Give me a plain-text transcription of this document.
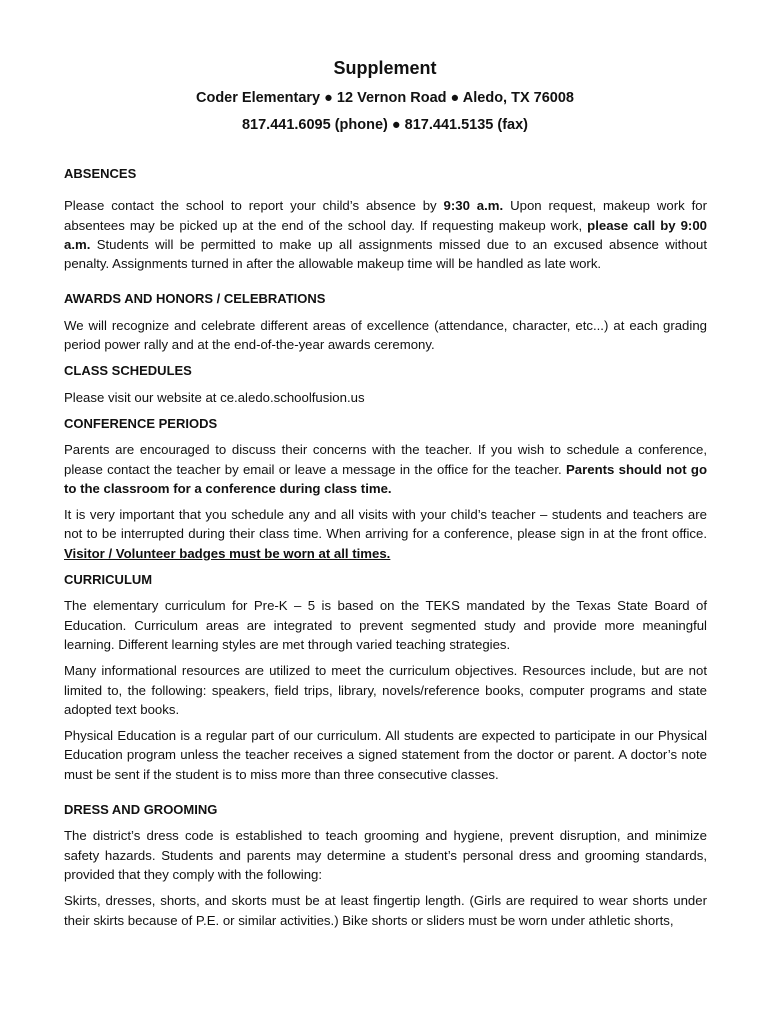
Supplement
Coder Elementary ● 12 Vernon Road ● Aledo, TX 76008
817.441.6095 (phone) ● 817.441.5135 (fax)
ABSENCES

Please contact the school to report your child’s absence by 9:30 a.m. Upon request, makeup work for absentees may be picked up at the end of the school day. If requesting makeup work, please call by 9:00 a.m. Students will be permitted to make up all assignments missed due to an excused absence without penalty. Assignments turned in after the allowable makeup time will be handled as late work.

AWARDS AND HONORS / CELEBRATIONS

We will recognize and celebrate different areas of excellence (attendance, character, etc...) at each grading period power rally and at the end-of-the-year awards ceremony.

CLASS SCHEDULES

Please visit our website at ce.aledo.schoolfusion.us

CONFERENCE PERIODS

Parents are encouraged to discuss their concerns with the teacher. If you wish to schedule a conference, please contact the teacher by email or leave a message in the office for the teacher. Parents should not go to the classroom for a conference during class time.

It is very important that you schedule any and all visits with your child’s teacher – students and teachers are not to be interrupted during their class time. When arriving for a conference, please sign in at the front office. Visitor / Volunteer badges must be worn at all times.

CURRICULUM

The elementary curriculum for Pre-K – 5 is based on the TEKS mandated by the Texas State Board of Education. Curriculum areas are integrated to prevent segmented study and provide more meaningful learning. Different learning styles are met through varied teaching strategies.

Many informational resources are utilized to meet the curriculum objectives. Resources include, but are not limited to, the following: speakers, field trips, library, novels/reference books, computer programs and state adopted text books.

Physical Education is a regular part of our curriculum. All students are expected to participate in our Physical Education program unless the teacher receives a signed statement from the doctor or parent. A doctor’s note must be sent if the student is to miss more than three consecutive classes.

DRESS AND GROOMING

The district’s dress code is established to teach grooming and hygiene, prevent disruption, and minimize safety hazards. Students and parents may determine a student’s personal dress and grooming standards, provided that they comply with the following:

Skirts, dresses, shorts, and skorts must be at least fingertip length. (Girls are required to wear shorts under their skirts because of P.E. or similar activities.) Bike shorts or sliders must be worn under athletic shorts,
